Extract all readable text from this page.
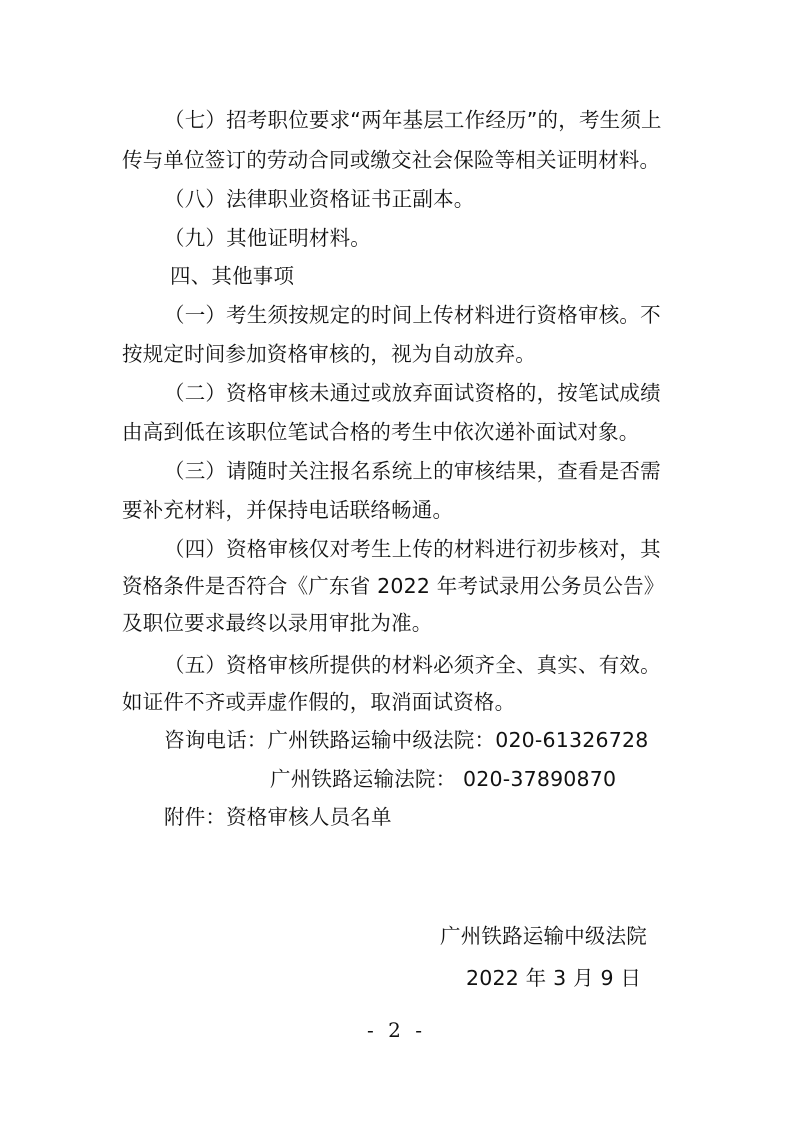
（七）招考职位要求“两年基层工作经历”的，考生须上
传与单位签订的劳动合同或缴交社会保险等相关证明材料。
（八）法律职业资格证书正副本。
（九）其他证明材料。
四、其他事项
（一）考生须按规定的时间上传材料进行资格审核。不
按规定时间参加资格审核的，视为自动放弃。
（二）资格审核未通过或放弃面试资格的，按笔试成绩
由高到低在该职位笔试合格的考生中依次递补面试对象。
（三）请随时关注报名系统上的审核结果，查看是否需
要补充材料，并保持电话联络畅通。
（四）资格审核仅对考生上传的材料进行初步核对，其
资格条件是否符合《广东省 2022 年考试录用公务员公告》
及职位要求最终以录用审批为准。
（五）资格审核所提供的材料必须齐全、真实、有效。
如证件不齐或弄虚作假的，取消面试资格。
咨询电话：广州铁路运输中级法院：020-61326728
广州铁路运输法院： 020-37890870
附件：资格审核人员名单
广州铁路运输中级法院
2022 年 3 月 9 日
- 2 -
